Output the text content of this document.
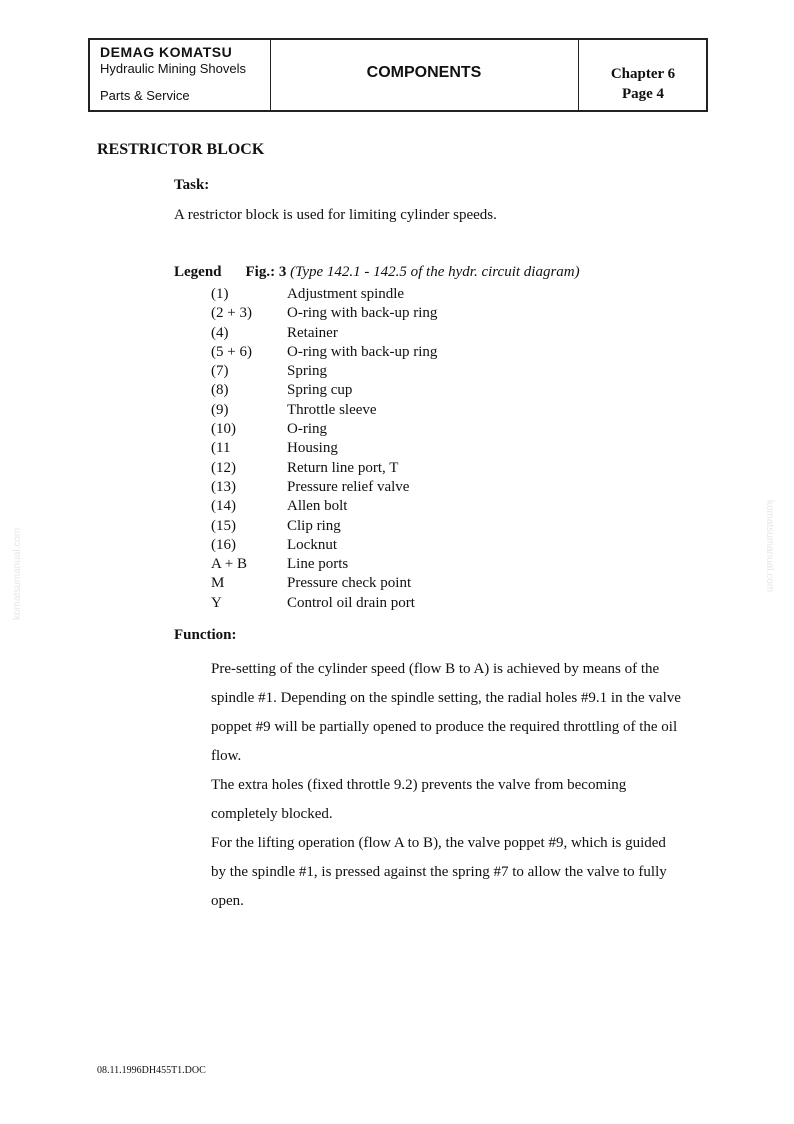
DEMAG KOMATSU
Hydraulic Mining Shovels
Parts & Service
COMPONENTS	Chapter 6
Page 4
RESTRICTOR BLOCK
Task:
A restrictor block is used for limiting cylinder speeds.
Legend Fig.: 3 (Type 142.1 - 142.5 of the hydr. circuit diagram)
(1)	Adjustment spindle
(2 + 3) O-ring with back-up ring
(4)	Retainer
(5 + 6) O-ring with back-up ring
(7)	Spring
(8)	Spring cup
(9)	Throttle sleeve
(10)	O-ring
(11	Housing
(12)	Return line port, T
(13)	Pressure relief valve
(14)	Allen bolt
(15)	Clip ring
(16)	Locknut
A + B	Line ports
M	Pressure check point
Y	Control oil drain port
Function:

Pre-setting of the cylinder speed (flow B to A) is achieved by means of the spindle #1. Depending on the spindle setting, the radial holes #9.1 in the valve poppet #9 will be partially opened to produce the required throttling of the oil flow.

The extra holes (fixed throttle 9.2) prevents the valve from becoming completely blocked.

For the lifting operation (flow A to B), the valve poppet #9, which is guided by the spindle #1, is pressed against the spring #7 to allow the valve to fully open.

08.11.1996DH455T1.DOC
komatsumanual.com	komatsumanual.com
